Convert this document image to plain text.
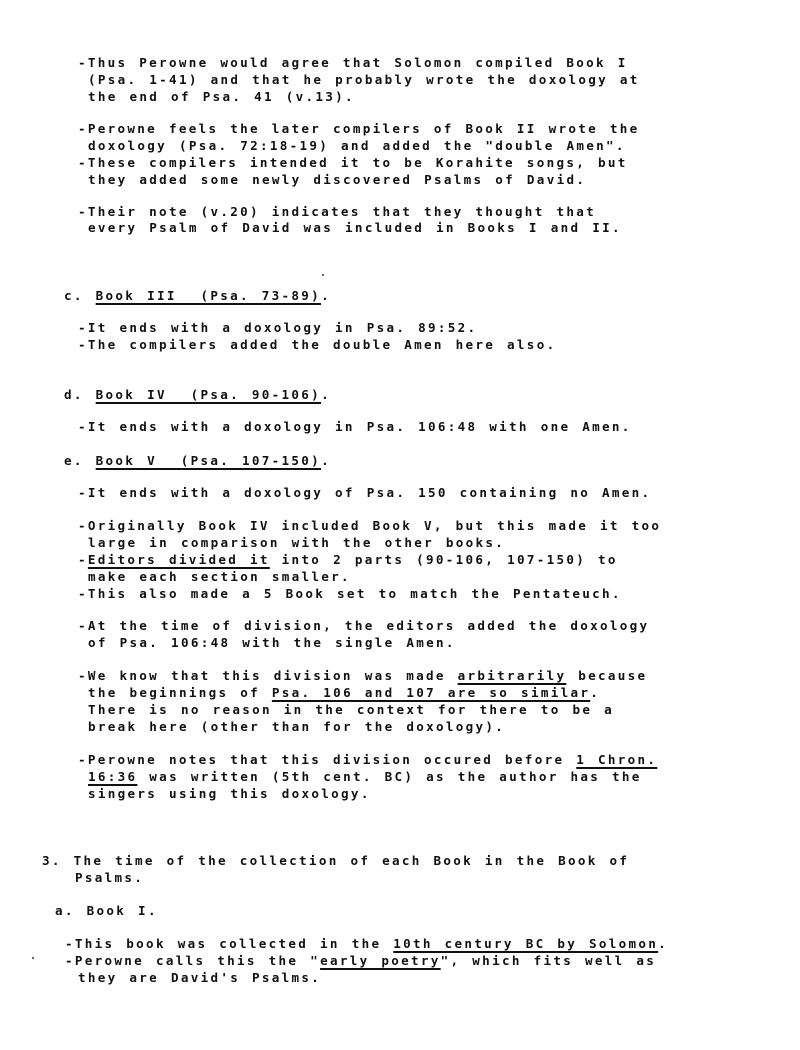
-Thus Perowne would agree that Solomon compiled Book I
(Psa. 1-41) and that he probably wrote the doxology at
the end of Psa. 41 (v.13).
-Perowne feels the later compilers of Book II wrote the
doxology (Psa. 72:18-19) and added the "double Amen".
-These compilers intended it to be Korahite songs, but
they added some newly discovered Psalms of David.
-Their note (v.20) indicates that they thought that
every Psalm of David was included in Books I and II.
c. Book III  (Psa. 73-89).
-It ends with a doxology in Psa. 89:52.
-The compilers added the double Amen here also.
d. Book IV  (Psa. 90-106).
-It ends with a doxology in Psa. 106:48 with one Amen.
e. Book V  (Psa. 107-150).
-It ends with a doxology of Psa. 150 containing no Amen.
-Originally Book IV included Book V, but this made it too
large in comparison with the other books.
-Editors divided it into 2 parts (90-106, 107-150) to
make each section smaller.
-This also made a 5 Book set to match the Pentateuch.
-At the time of division, the editors added the doxology
of Psa. 106:48 with the single Amen.
-We know that this division was made arbitrarily because
the beginnings of Psa. 106 and 107 are so similar.
There is no reason in the context for there to be a
break here (other than for the doxology).
-Perowne notes that this division occured before 1 Chron.
16:36 was written (5th cent. BC) as the author has the
singers using this doxology.
3. The time of the collection of each Book in the Book of
Psalms.
a. Book I.
-This book was collected in the 10th century BC by Solomon.
-Perowne calls this the "early poetry", which fits well as
they are David's Psalms.
